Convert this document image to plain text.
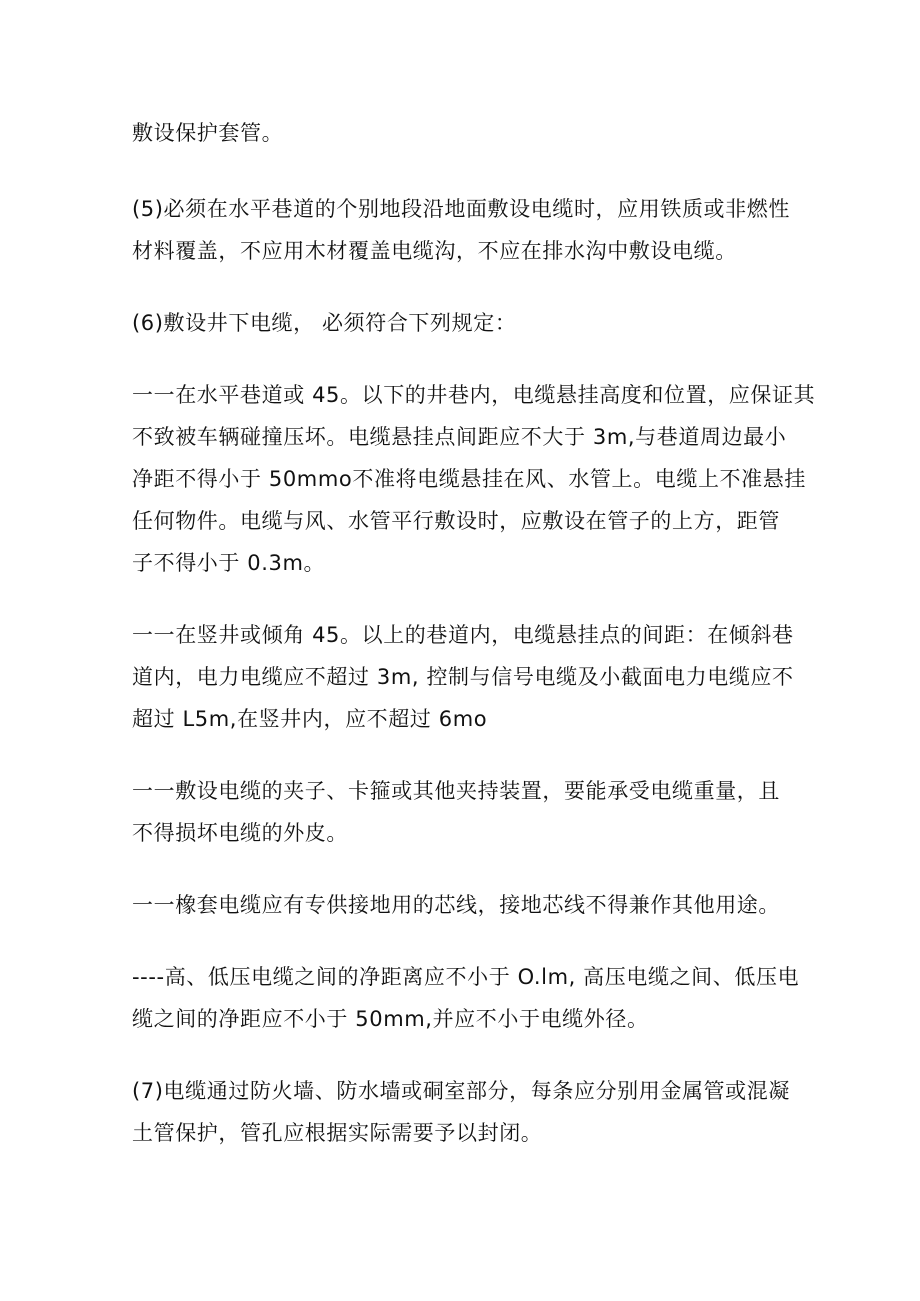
敷设保护套管。
(5)必须在水平巷道的个别地段沿地面敷设电缆时，应用铁质或非燃性
材料覆盖，不应用木材覆盖电缆沟，不应在排水沟中敷设电缆。
(6)敷设井下电缆， 必须符合下列规定：
一一在水平巷道或 45。以下的井巷内，电缆悬挂高度和位置，应保证其
不致被车辆碰撞压坏。电缆悬挂点间距应不大于 3m,与巷道周边最小
净距不得小于 50mmo不准将电缆悬挂在风、水管上。电缆上不准悬挂
任何物件。电缆与风、水管平行敷设时，应敷设在管子的上方，距管
子不得小于 0.3m。
一一在竖井或倾角 45。以上的巷道内，电缆悬挂点的间距：在倾斜巷
道内，电力电缆应不超过 3m, 控制与信号电缆及小截面电力电缆应不
超过 L5m,在竖井内，应不超过 6mo
一一敷设电缆的夹子、卡箍或其他夹持装置，要能承受电缆重量，且
不得损坏电缆的外皮。
一一橡套电缆应有专供接地用的芯线，接地芯线不得兼作其他用途。
----高、低压电缆之间的净距离应不小于 O.lm, 高压电缆之间、低压电
缆之间的净距应不小于 50mm,并应不小于电缆外径。
(7)电缆通过防火墙、防水墙或硐室部分，每条应分别用金属管或混凝
土管保护，管孔应根据实际需要予以封闭。
